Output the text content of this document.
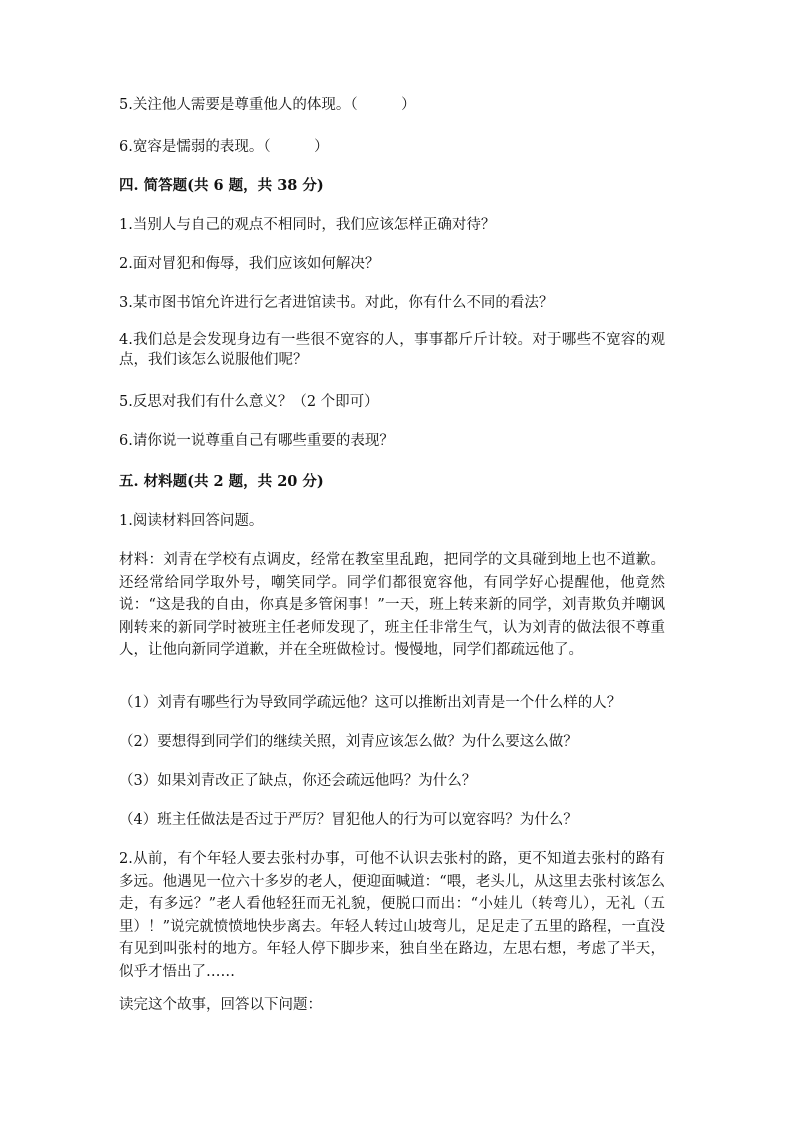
5.关注他人需要是尊重他人的体现。（　　　）

6.宽容是懦弱的表现。（　　　）

四. 简答题(共 6 题，共 38 分)

1.当别人与自己的观点不相同时，我们应该怎样正确对待？

2.面对冒犯和侮辱，我们应该如何解决？

3.某市图书馆允许进行乞者进馆读书。对此，你有什么不同的看法？

4.我们总是会发现身边有一些很不宽容的人，事事都斤斤计较。对于哪些不宽容的观点，我们该怎么说服他们呢？

5.反思对我们有什么意义？（2 个即可）

6.请你说一说尊重自己有哪些重要的表现？

五. 材料题(共 2 题，共 20 分)

1.阅读材料回答问题。

材料：刘青在学校有点调皮，经常在教室里乱跑，把同学的文具碰到地上也不道歉。还经常给同学取外号，嘲笑同学。同学们都很宽容他，有同学好心提醒他，他竟然说：“这是我的自由，你真是多管闲事！”一天，班上转来新的同学，刘青欺负并嘲讽刚转来的新同学时被班主任老师发现了，班主任非常生气，认为刘青的做法很不尊重人，让他向新同学道歉，并在全班做检讨。慢慢地，同学们都疏远他了。

（1）刘青有哪些行为导致同学疏远他？这可以推断出刘青是一个什么样的人？

（2）要想得到同学们的继续关照，刘青应该怎么做？为什么要这么做？

（3）如果刘青改正了缺点，你还会疏远他吗？为什么？

（4）班主任做法是否过于严厉？冒犯他人的行为可以宽容吗？为什么？

2.从前，有个年轻人要去张村办事，可他不认识去张村的路，更不知道去张村的路有多远。他遇见一位六十多岁的老人，便迎面喊道：“喂，老头儿，从这里去张村该怎么走，有多远？”老人看他轻狂而无礼貌，便脱口而出：“小娃儿（转弯儿），无礼（五里）！”说完就愤愤地快步离去。年轻人转过山坡弯儿，足足走了五里的路程，一直没有见到叫张村的地方。年轻人停下脚步来，独自坐在路边，左思右想，考虑了半天，似乎才悟出了……

读完这个故事，回答以下问题：
